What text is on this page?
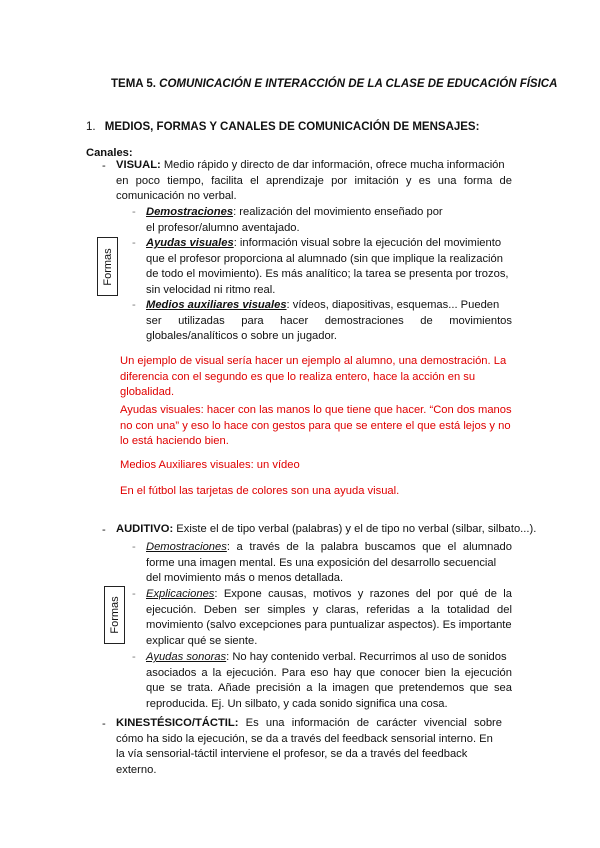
TEMA 5. COMUNICACIÓN E INTERACCIÓN DE LA CLASE DE EDUCACIÓN FÍSICA
1. MEDIOS, FORMAS Y CANALES DE COMUNICACIÓN DE MENSAJES:
Canales:
- VISUAL: Medio rápido y directo de dar información, ofrece mucha información
en poco tiempo, facilita el aprendizaje por imitación y es una forma de
comunicación no verbal.
Formas
- Demostraciones: realización del movimiento enseñado por
el profesor/alumno aventajado.
- Ayudas visuales: información visual sobre la ejecución del movimiento
que el profesor proporciona al alumnado (sin que implique la realización
de todo el movimiento). Es más analítico; la tarea se presenta por trozos,
sin velocidad ni ritmo real.
- Medios auxiliares visuales: vídeos, diapositivas, esquemas... Pueden
ser utilizadas para hacer demostraciones de movimientos
globales/analíticos o sobre un jugador.
Un ejemplo de visual sería hacer un ejemplo al alumno, una demostración. La
diferencia con el segundo es que lo realiza entero, hace la acción en su
globalidad.
Ayudas visuales: hacer con las manos lo que tiene que hacer. “Con dos manos
no con una” y eso lo hace con gestos para que se entere el que está lejos y no
lo está haciendo bien.
Medios Auxiliares visuales: un vídeo
En el fútbol las tarjetas de colores son una ayuda visual.
- AUDITIVO: Existe el de tipo verbal (palabras) y el de tipo no verbal (silbar, silbato...).
- Demostraciones: a través de la palabra buscamos que el alumnado
forme una imagen mental. Es una exposición del desarrollo secuencial
del movimiento más o menos detallada.
Formas
- Explicaciones: Expone causas, motivos y razones del por qué de la
ejecución. Deben ser simples y claras, referidas a la totalidad del
movimiento (salvo excepciones para puntualizar aspectos). Es importante
explicar qué se siente.
- Ayudas sonoras: No hay contenido verbal. Recurrimos al uso de sonidos
asociados a la ejecución. Para eso hay que conocer bien la ejecución
que se trata. Añade precisión a la imagen que pretendemos que sea
reproducida. Ej. Un silbato, y cada sonido significa una cosa.
- KINESTÉSICO/TÁCTIL: Es una información de carácter vivencial sobre
cómo ha sido la ejecución, se da a través del feedback sensorial interno. En
la vía sensorial-táctil interviene el profesor, se da a través del feedback
externo.
